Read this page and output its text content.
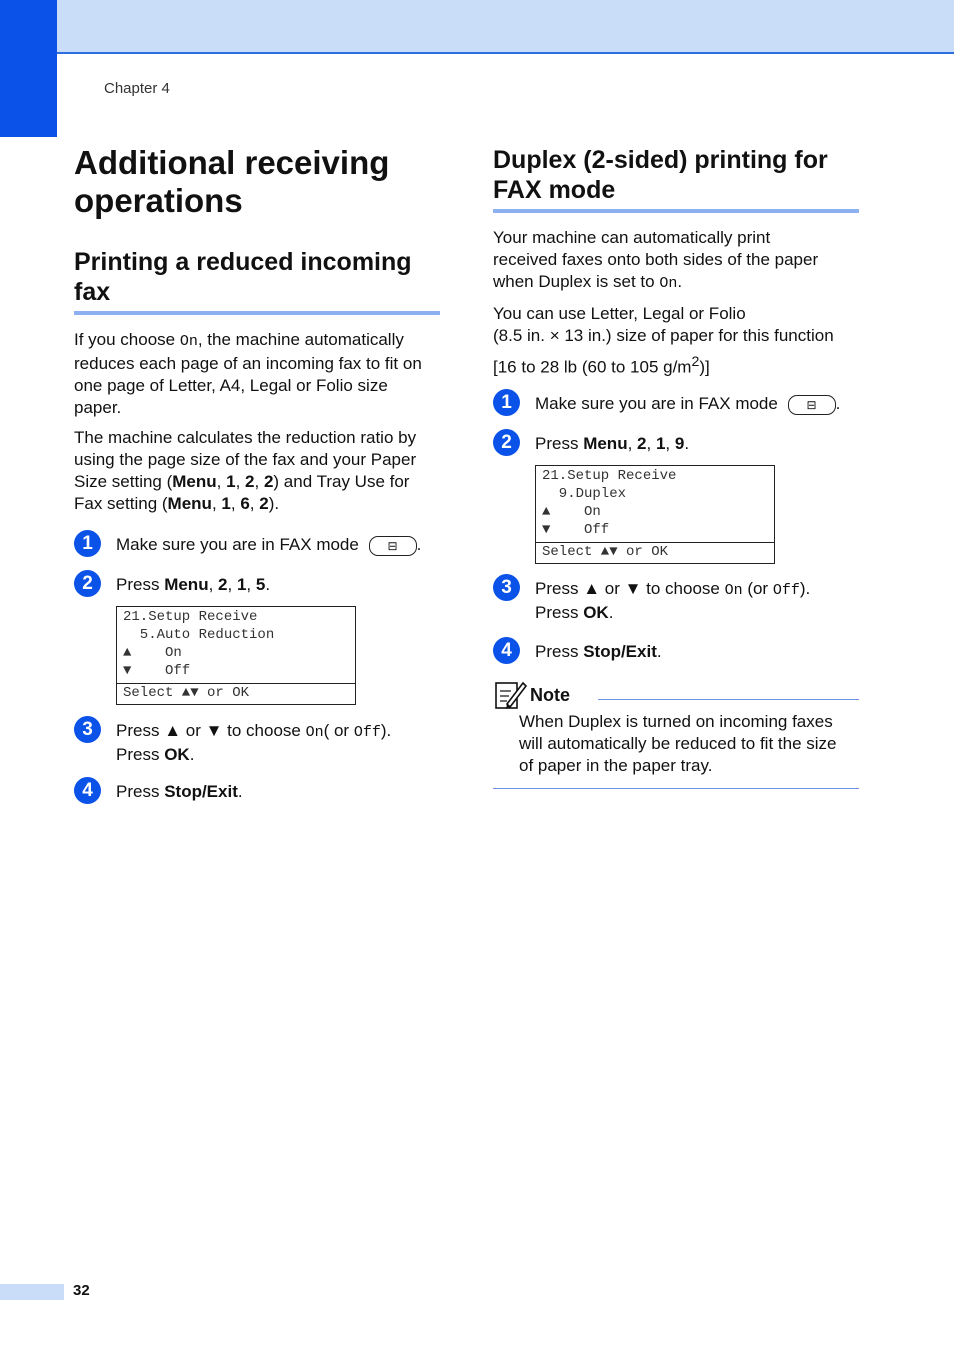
Chapter 4
Additional receiving
operations
Printing a reduced incoming
fax

If you choose On, the machine automatically
reduces each page of an incoming fax to fit on
one page of Letter, A4, Legal or Folio size
paper.

The machine calculates the reduction ratio by
using the page size of the fax and your Paper
Size setting (Menu, 1, 2, 2) and Tray Use for
Fax setting (Menu, 1, 6, 2).

1	Make sure you are in FAX mode ⊟ .
2	Press Menu, 2, 1, 5.
21.Setup Receive
5.Auto Reduction
▲    On
▼    Off
Select ▲▼ or OK
3	Press ▲ or ▼ to choose On( or Off).
Press OK.
4	Press Stop/Exit.
Duplex (2-sided) printing for
FAX mode

Your machine can automatically print
received faxes onto both sides of the paper
when Duplex is set to On.

You can use Letter, Legal or Folio
(8.5 in. × 13 in.) size of paper for this function
[16 to 28 lb (60 to 105 $g/m^2$)]

1	Make sure you are in FAX mode ⊟ .
2	Press Menu, 2, 1, 9.
21.Setup Receive
9.Duplex
▲    On
▼    Off
Select ▲▼ or OK
3	Press ▲ or ▼ to choose On (or Off).
Press OK.
4	Press Stop/Exit.
Note

When Duplex is turned on incoming faxes
will automatically be reduced to fit the size
of paper in the paper tray.

32
